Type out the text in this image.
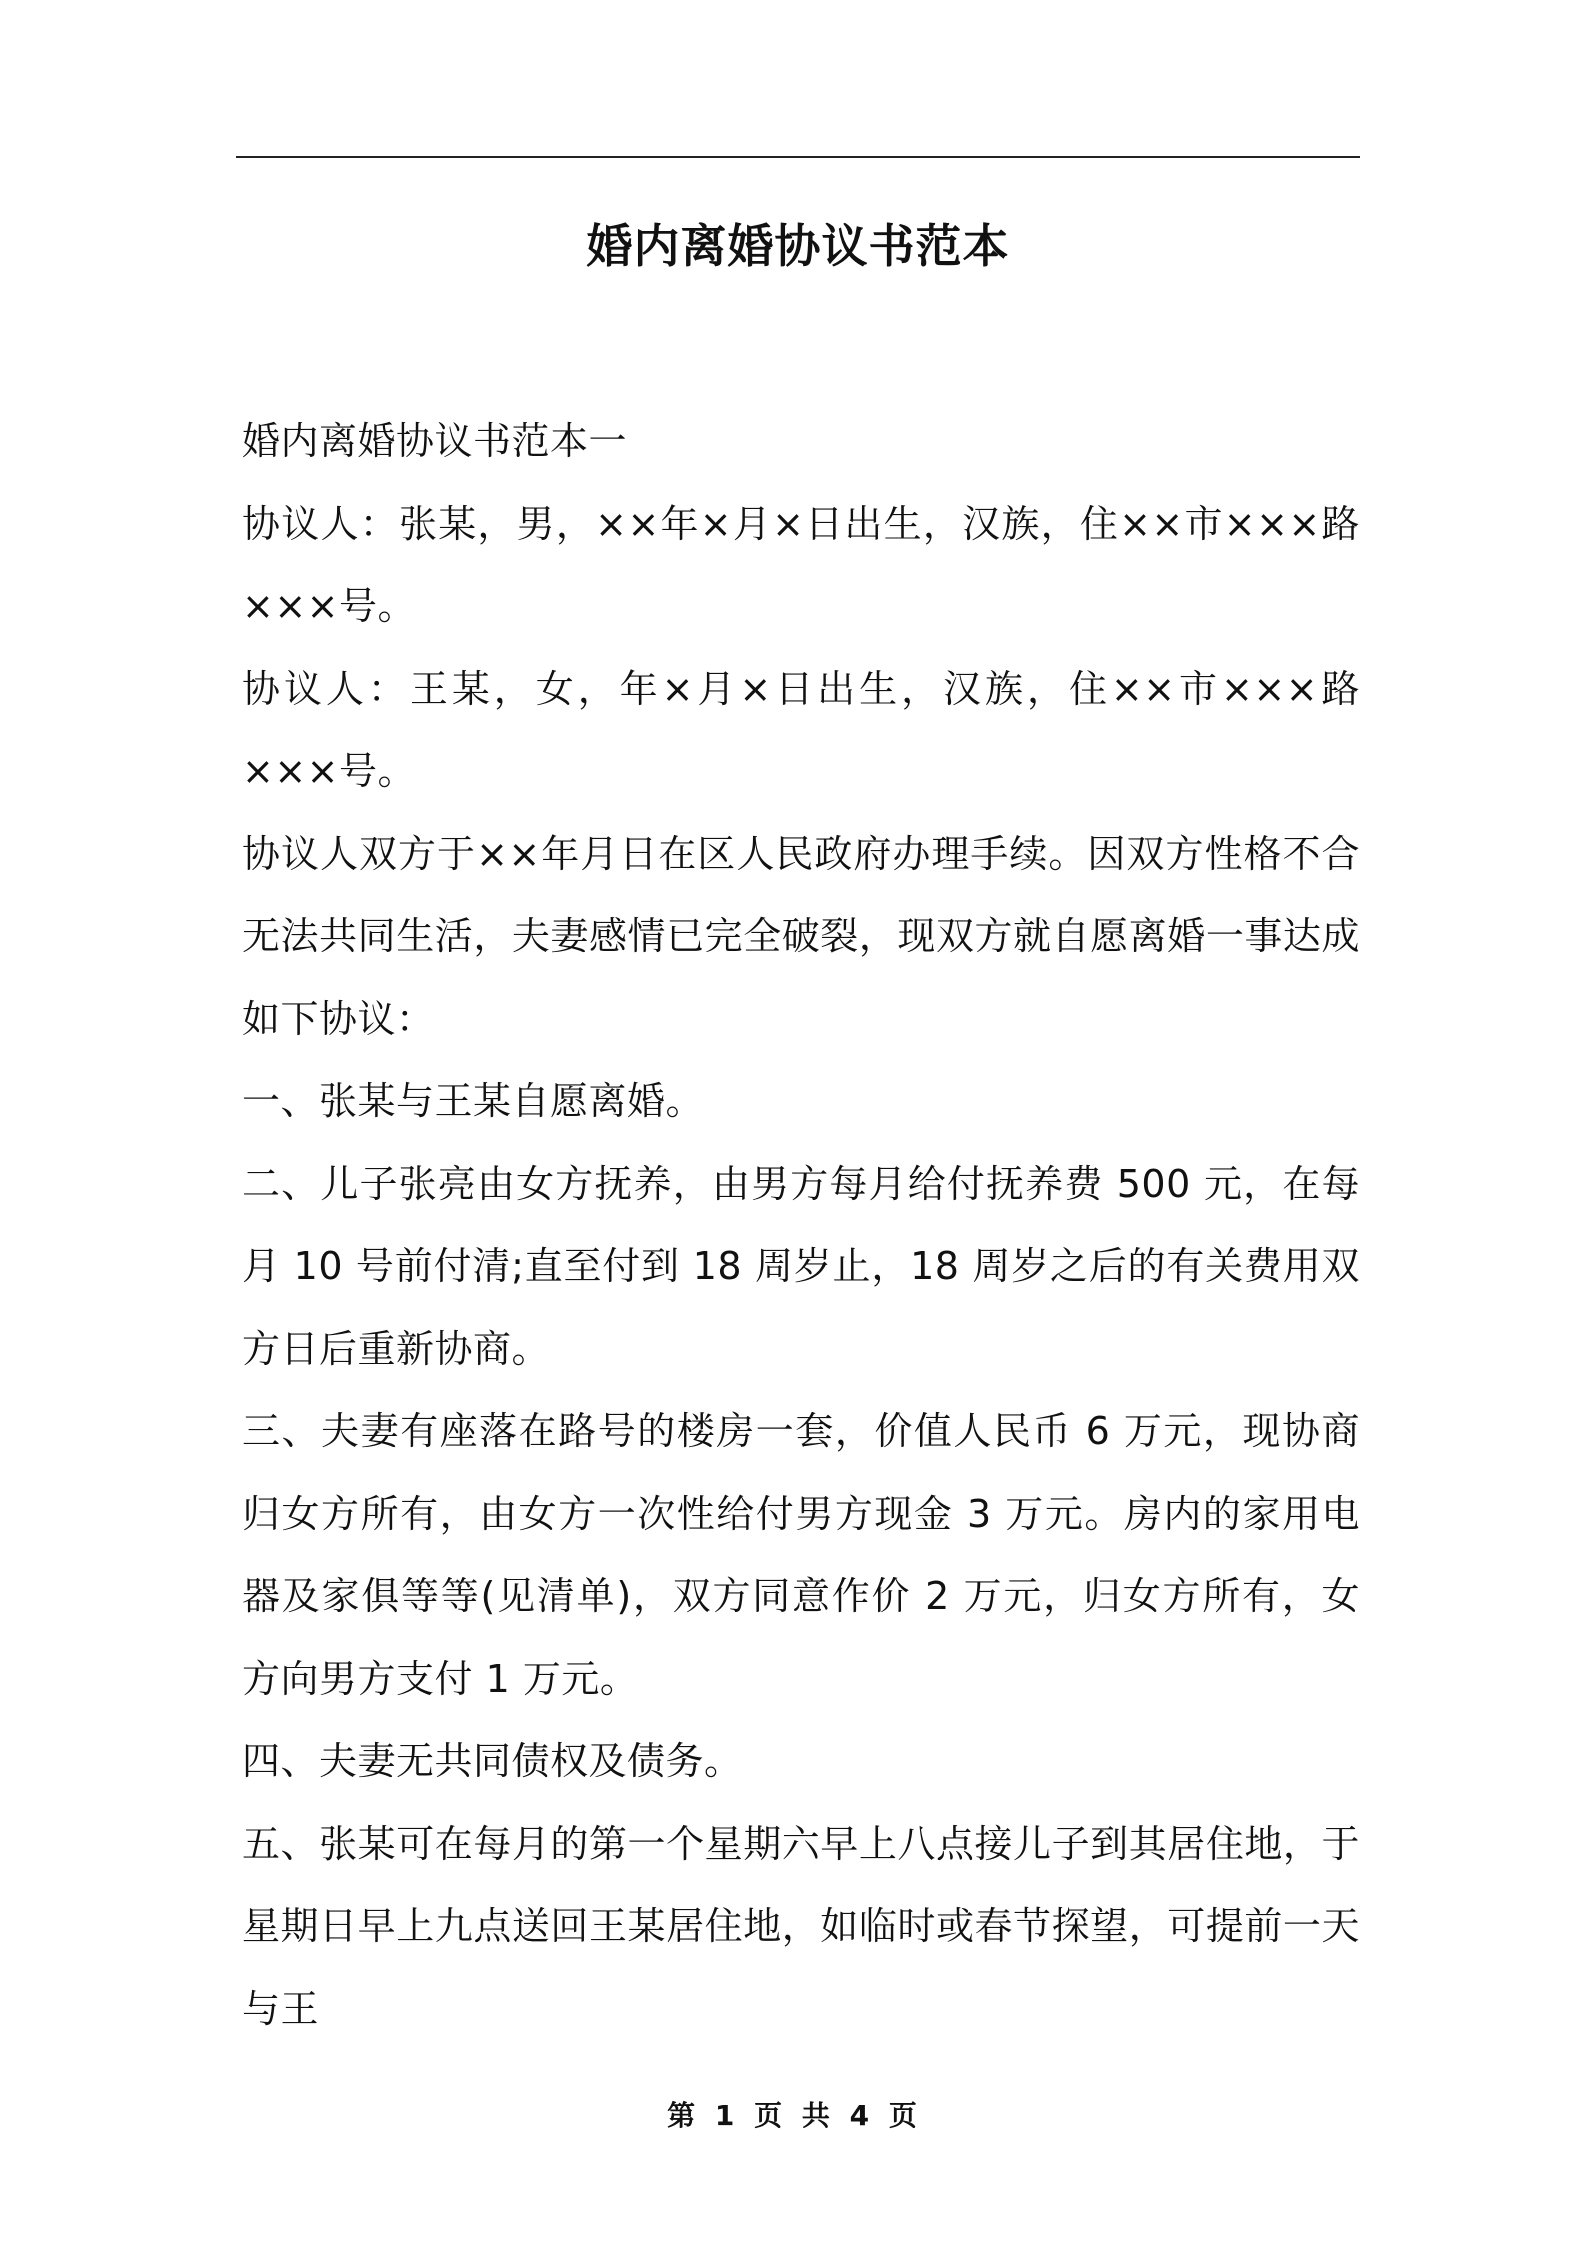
婚内离婚协议书范本

婚内离婚协议书范本一

协议人：张某，男，××年×月×日出生，汉族，住××市×××路×××号。

协议人：王某，女，年×月×日出生，汉族，住××市×××路×××号。

协议人双方于××年月日在区人民政府办理手续。因双方性格不合无法共同生活，夫妻感情已完全破裂，现双方就自愿离婚一事达成如下协议：

一、张某与王某自愿离婚。

二、儿子张亮由女方抚养，由男方每月给付抚养费 500 元，在每月 10 号前付清;直至付到 18 周岁止，18 周岁之后的有关费用双方日后重新协商。

三、夫妻有座落在路号的楼房一套，价值人民币 6 万元，现协商归女方所有，由女方一次性给付男方现金 3 万元。房内的家用电器及家俱等等(见清单)，双方同意作价 2 万元，归女方所有，女方向男方支付 1 万元。

四、夫妻无共同债权及债务。

五、张某可在每月的第一个星期六早上八点接儿子到其居住地，于星期日早上九点送回王某居住地，如临时或春节探望，可提前一天与王

第 1 页 共 4 页
